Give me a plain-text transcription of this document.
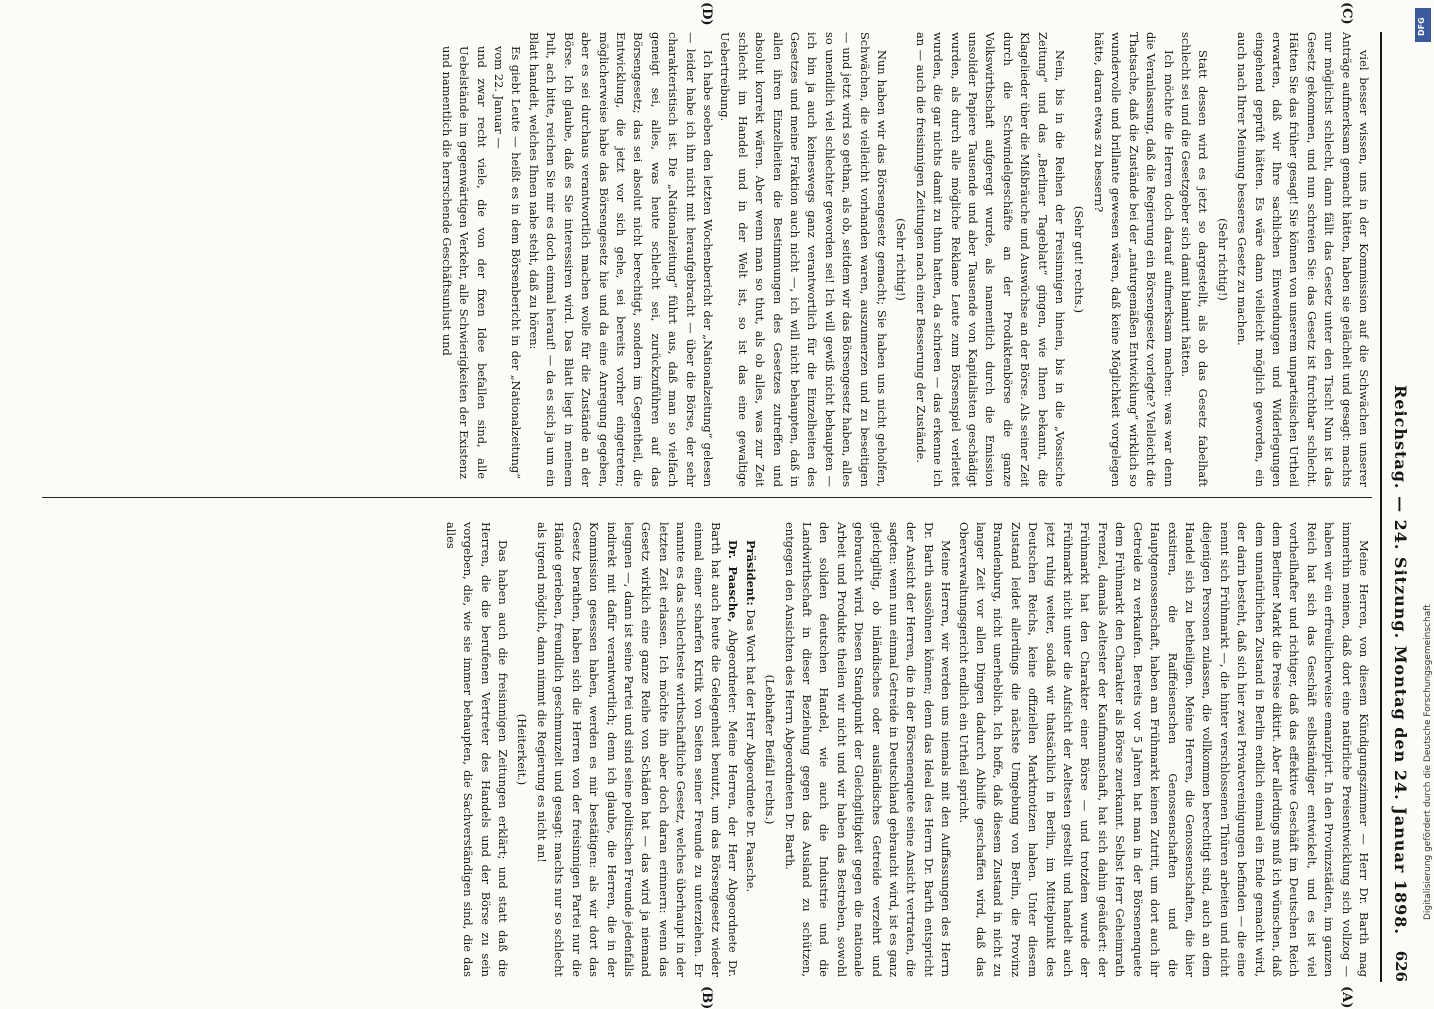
626
Reichstag. — 24. Sitzung. Montag den 24. Januar 1898.
(A)
(B)
(C)
(D)

Meine Herren, von diesem Kündigungszimmer — Herr Dr. Barth mag immerhin meinen, daß dort eine natürliche Preisentwicklung sich vollzog — haben wir ein erfreulicherweise emanzipirt. In den Provinzstädten, im ganzen Reich hat sich das Geschäft selbständiger entwickelt, und es ist viel vortheilhafter und richtiger, daß das effektive Geschäft im Deutschen Reich dem Berliner Markt die Preise diktirt. Aber allerdings muß ich wünschen, daß dem unnatürlichen Zustand in Berlin endlich einmal ein Ende gemacht wird, der darin besteht, daß sich hier zwei Privatvereinigungen befinden — die eine nennt sich Frühmarkt —, die hinter verschlossenen Thüren arbeiten und nicht diejenigen Personen zulassen, die vollkommen berechtigt sind, auch an dem Handel sich zu betheiligen. Meine Herren, die Genossenschaften, die hier existiren, die Raiffeisenschen Genossenschaften und die Hauptgenossenschaft, haben am Frühmarkt keinen Zutritt, um dort auch ihr Getreide zu verkaufen. Bereits vor 5 Jahren hat man in der Börsenenquete dem Frühmarkt den Charakter als Börse zuerkannt. Selbst Herr Geheimrath Frenzel, damals Aeltester der Kaufmannschaft, hat sich dahin geäußert: der Frühmarkt hat den Charakter einer Börse — und trotzdem wurde der Frühmarkt nicht unter die Aufsicht der Aeltesten gestellt und handelt auch jetzt ruhig weiter, sodaß wir thatsächlich in Berlin, im Mittelpunkt des Deutschen Reichs, keine offiziellen Marktnotizen haben. Unter diesem Zustand leidet allerdings die nächste Umgebung von Berlin, die Provinz Brandenburg, nicht unerheblich. Ich hoffe, daß diesem Zustand in nicht zu langer Zeit vor allen Dingen dadurch Abhilfe geschaffen wird, daß das Oberverwaltungsgericht endlich ein Urtheil spricht.

Meine Herren, wir werden uns niemals mit den Auffassungen des Herrn Dr. Barth aussöhnen können; denn das Ideal des Herrn Dr. Barth entspricht der Ansicht der Herren, die in der Börsenenquete seine Ansicht vertraten, die sagten: wenn nun einmal Getreide in Deutschland gebraucht wird, ist es ganz gleichgiltig, ob inländisches oder ausländisches Getreide verzehrt und gebraucht wird. Diesen Standpunkt der Gleichgiltigkeit gegen die nationale Arbeit und Produkte theilen wir nicht und wir haben das Bestreben, sowohl den soliden deutschen Handel, wie auch die Industrie und die Landwirthschaft in dieser Beziehung gegen das Ausland zu schützen, entgegen den Ansichten des Herrn Abgeordneten Dr. Barth.

(Lebhafter Beifall rechts.)

Präsident: Das Wort hat der Herr Abgeordnete Dr. Paasche.

Dr. Paasche, Abgeordneter: Meine Herren, der Herr Abgeordnete Dr. Barth hat auch heute die Gelegenheit benutzt, um das Börsengesetz wieder einmal einer scharfen Kritik von Seiten seiner Freunde zu unterziehen. Er nannte es das schlechteste wirthschaftliche Gesetz, welches überhaupt in der letzten Zeit erlassen. Ich möchte ihn aber doch daran erinnern: wenn das Gesetz wirklich eine ganze Reihe von Schäden hat — das wird ja niemand leugnen —, dann ist seine Partei und sind seine politischen Freunde jedenfalls indirekt mit dafür verantwortlich; denn ich glaube, die Herren, die in der Kommission gesessen haben, werden es mir bestätigen: als wir dort das Gesetz berathen, haben sich die Herren von der freisinnigen Partei nur die Hände gerieben, freundlich geschmunzelt und gesagt: machts nur so schlecht als irgend möglich, dann nimmt die Regierung es nicht an!

(Heiterkeit.)

Das haben auch die freisinnigen Zeitungen erklärt; und statt daß die Herren, die die berufenen Vertreter des Handels und der Börse zu sein vorgeben, die, wie sie immer behaupten, die Sachverständigen sind, die das alles

viel besser wissen, uns in der Kommission auf die Schwächen unserer Anträge aufmerksam gemacht hätten, haben sie gelächelt und gesagt: machts nur möglichst schlecht, dann fällt das Gesetz unter den Tisch! Nun ist das Gesetz gekommen, und nun schreien Sie: das Gesetz ist furchtbar schlecht. Hätten Sie das früher gesagt! Sie können von unserem unparteiischen Urtheil erwarten, daß wir Ihre sachlichen Einwendungen und Widerlegungen eingehend geprüft hätten. Es wäre dann vielleicht möglich geworden, ein auch nach Ihrer Meinung besseres Gesetz zu machen.

(Sehr richtig!)

Statt dessen wird es jetzt so dargestellt, als ob das Gesetz fabelhaft schlecht sei und die Gesetzgeber sich damit blamirt hätten.

Ich möchte die Herren doch darauf aufmerksam machen: was war denn die Veranlassung, daß die Regierung ein Börsengesetz vorlegte? Vielleicht die Thatsache, daß die Zustände bei der „naturgemäßen Entwicklung“ wirklich so wundervolle und brillante gewesen wären, daß keine Möglichkeit vorgelegen hätte, daran etwas zu bessern?

(Sehr gut! rechts.)

Nein, bis in die Reihen der Freisinnigen hinein, bis in die „Vossische Zeitung“ und das „Berliner Tageblatt“ gingen, wie Ihnen bekannt, die Klagelieder über die Mißbräuche und Auswüchse an der Börse. Als seiner Zeit durch die Schwindelgeschäfte an der Produktenbörse die ganze Volkswirthschaft aufgeregt wurde, als namentlich durch die Emission unsolider Papiere Tausende und aber Tausende von Kapitalisten geschädigt wurden, als durch alle mögliche Reklame Leute zum Börsenspiel verleitet wurden, die gar nichts damit zu thun hatten, da schrieen — das erkenne ich an — auch die freisinnigen Zeitungen nach einer Besserung der Zustände.

(Sehr richtig!)

Nun haben wir das Börsengesetz gemacht; Sie haben uns nicht geholfen, Schwächen, die vielleicht vorhanden waren, auszumerzen und zu beseitigen — und jetzt wird so gethan, als ob, seitdem wir das Börsengesetz haben, alles so unendlich viel schlechter geworden sei! Ich will gewiß nicht behaupten — ich bin ja auch keineswegs ganz verantwortlich für die Einzelheiten des Gesetzes und meine Fraktion auch nicht —, ich will nicht behaupten, daß in allen ihren Einzelheiten die Bestimmungen des Gesetzes zutreffen und absolut korrekt wären. Aber wenn man so thut, als ob alles, was zur Zeit schlecht im Handel und in der Welt ist, so ist das eine gewaltige Uebertreibung.

Ich habe soeben den letzten Wochenbericht der „Nationalzeitung“ gelesen — leider habe ich ihn nicht mit heraufgebracht — über die Börse, der sehr charakteristisch ist. Die „Nationalzeitung“ führt aus, daß man so vielfach geneigt sei, alles, was heute schlecht sei, zurückzuführen auf das Börsengesetz; das sei absolut nicht berechtigt, sondern im Gegentheil, die Entwicklung, die jetzt vor sich gehe, sei bereits vorher eingetreten; möglicherweise habe das Börsengesetz hie und da eine Anregung gegeben, aber es sei durchaus verantwortlich machen wolle für die Zustände an der Börse. Ich glaube, daß es Sie interessiren wird. Das Blatt liegt in meinem Pult, ach bitte, reichen Sie mir es doch einmal herauf! — da es sich ja um ein Blatt handelt, welches Ihnen nahe steht, daß zu hören:

Es giebt Leute — heißt es in dem Börsenbericht in der „Nationalzeitung“ vom 22. Januar —

und zwar recht viele, die von der fixen Idee befallen sind, alle Uebelstände im gegenwärtigen Verkehr, alle Schwierigkeiten der Existenz und namentlich die herrschende Geschäftsunlust und

Digitalisierung gefördert durch die Deutsche Forschungsgemeinschaft
DFG
